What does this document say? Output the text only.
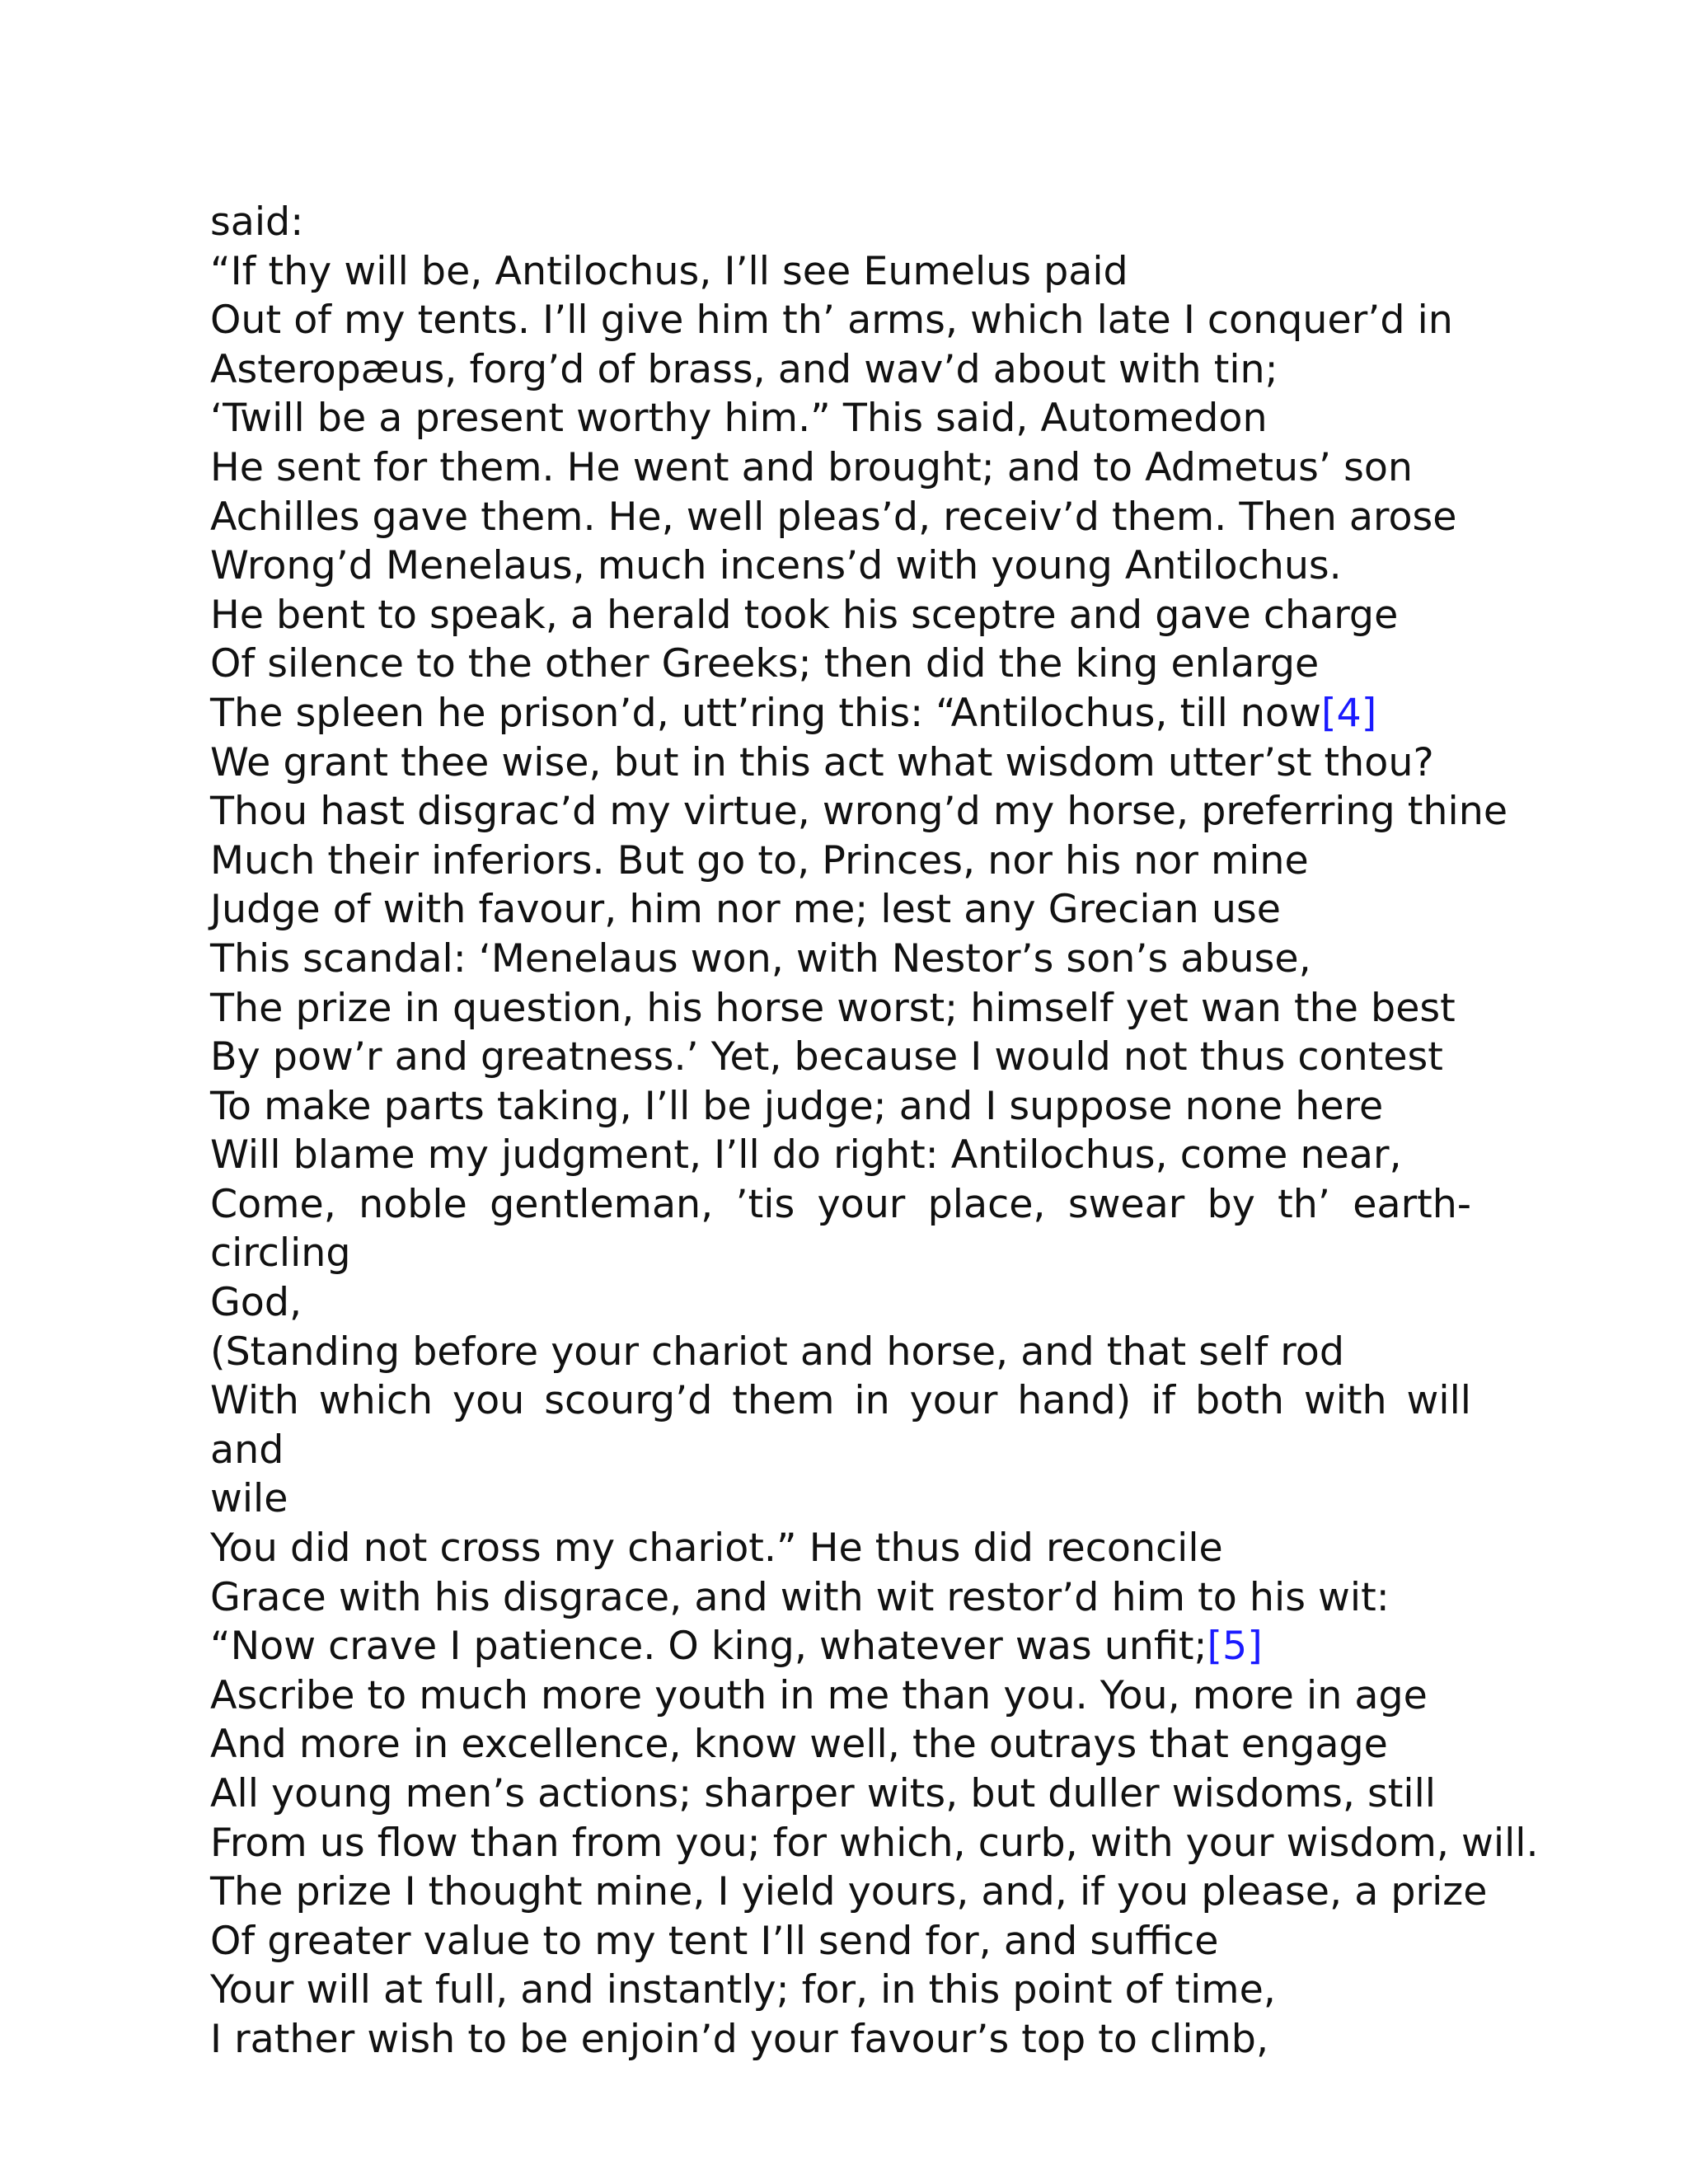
said:
“If thy will be, Antilochus, I’ll see Eumelus paid
Out of my tents. I’ll give him th’ arms, which late I conquer’d in
Asteropæus, forg’d of brass, and wav’d about with tin;
‘Twill be a present worthy him.” This said, Automedon
He sent for them. He went and brought; and to Admetus’ son
Achilles gave them. He, well pleas’d, receiv’d them. Then arose
Wrong’d Menelaus, much incens’d with young Antilochus.
He bent to speak, a herald took his sceptre and gave charge
Of silence to the other Greeks; then did the king enlarge
The spleen he prison’d, utt’ring this: “Antilochus, till now[4]
We grant thee wise, but in this act what wisdom utter’st thou?
Thou hast disgrac’d my virtue, wrong’d my horse, preferring thine
Much their inferiors. But go to, Princes, nor his nor mine
Judge of with favour, him nor me; lest any Grecian use
This scandal: ‘Menelaus won, with Nestor’s son’s abuse,
The prize in question, his horse worst; himself yet wan the best
By pow’r and greatness.’ Yet, because I would not thus contest
To make parts taking, I’ll be judge; and I suppose none here
Will blame my judgment, I’ll do right: Antilochus, come near,
Come, noble gentleman, ’tis your place, swear by th’ earth-circling
God,
(Standing before your chariot and horse, and that self rod
With which you scourg’d them in your hand) if both with will and
wile
You did not cross my chariot.” He thus did reconcile
Grace with his disgrace, and with wit restor’d him to his wit:
“Now crave I patience. O king, whatever was unfit;[5]
Ascribe to much more youth in me than you. You, more in age
And more in excellence, know well, the outrays that engage
All young men’s actions; sharper wits, but duller wisdoms, still
From us flow than from you; for which, curb, with your wisdom, will.
The prize I thought mine, I yield yours, and, if you please, a prize
Of greater value to my tent I’ll send for, and suffice
Your will at full, and instantly; for, in this point of time,
I rather wish to be enjoin’d your favour’s top to climb,
